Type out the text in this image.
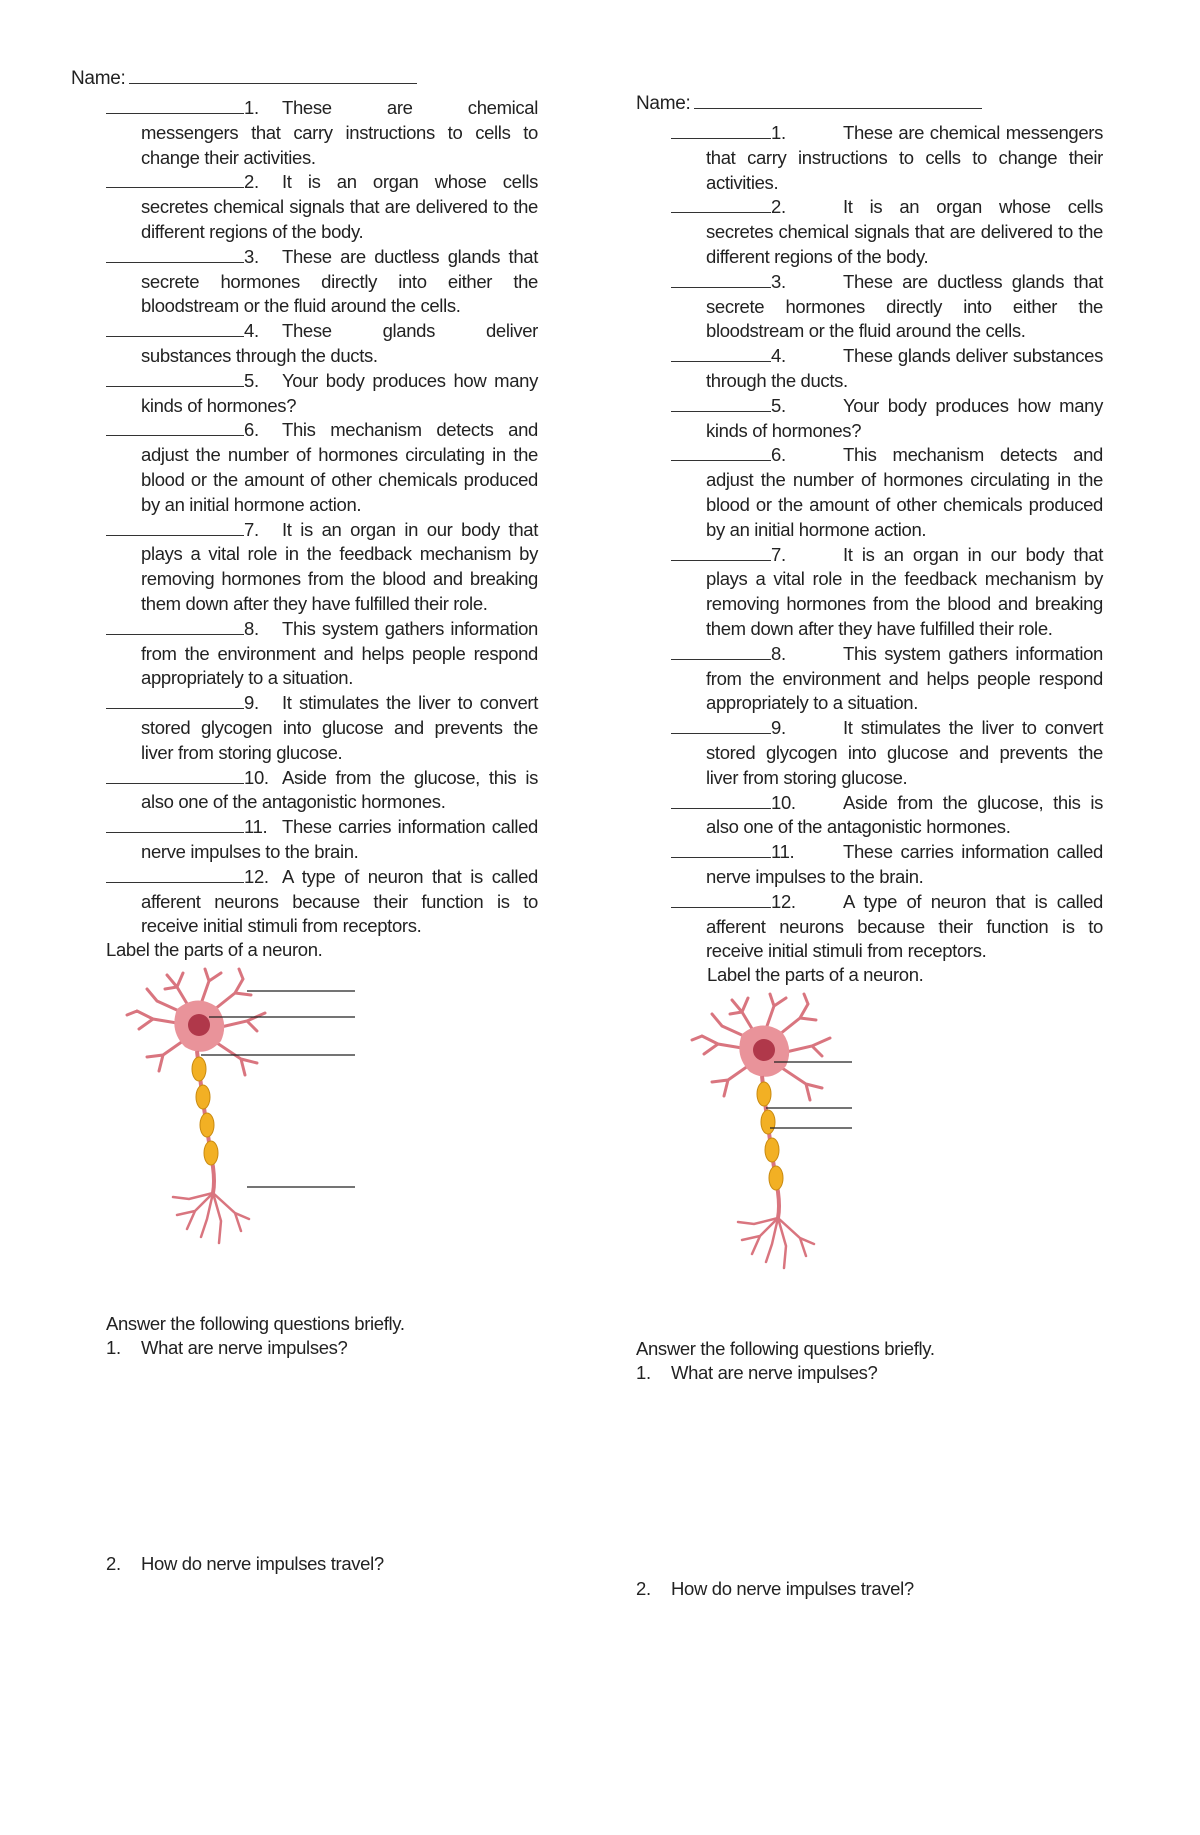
Name:
1. These are chemical messengers that carry instructions to cells to change their activities.
2. It is an organ whose cells secretes chemical signals that are delivered to the different regions of the body.
3. These are ductless glands that secrete hormones directly into either the bloodstream or the fluid around the cells.
4. These glands deliver substances through the ducts.
5. Your body produces how many kinds of hormones?
6. This mechanism detects and adjust the number of hormones circulating in the blood or the amount of other chemicals produced by an initial hormone action.
7. It is an organ in our body that plays a vital role in the feedback mechanism by removing hormones from the blood and breaking them down after they have fulfilled their role.
8. This system gathers information from the environment and helps people respond appropriately to a situation.
9. It stimulates the liver to convert stored glycogen into glucose and prevents the liver from storing glucose.
10. Aside from the glucose, this is also one of the antagonistic hormones.
11. These carries information called nerve impulses to the brain.
12. A type of neuron that is called afferent neurons because their function is to receive initial stimuli from receptors.
Label the parts of a neuron.
Answer the following questions briefly.
1. What are nerve impulses?
2. How do nerve impulses travel?
Name:
1.	These are chemical messengers that carry instructions to cells to change their activities.
2.	It is an organ whose cells secretes chemical signals that are delivered to the different regions of the body.
3.	These are ductless glands that secrete hormones directly into either the bloodstream or the fluid around the cells.
4.	These glands deliver substances through the ducts.
5.	Your body produces how many kinds of hormones?
6.	This mechanism detects and adjust the number of hormones circulating in the blood or the amount of other chemicals produced by an initial hormone action.
7.	It is an organ in our body that plays a vital role in the feedback mechanism by removing hormones from the blood and breaking them down after they have fulfilled their role.
8.	This system gathers information from the environment and helps people respond appropriately to a situation.
9.	It stimulates the liver to convert stored glycogen into glucose and prevents the liver from storing glucose.
10.	Aside from the glucose, this is also one of the antagonistic hormones.
11.	These carries information called nerve impulses to the brain.
12.	A type of neuron that is called afferent neurons because their function is to receive initial stimuli from receptors.
Label the parts of a neuron.
Answer the following questions briefly.
1. What are nerve impulses?
2. How do nerve impulses travel?
